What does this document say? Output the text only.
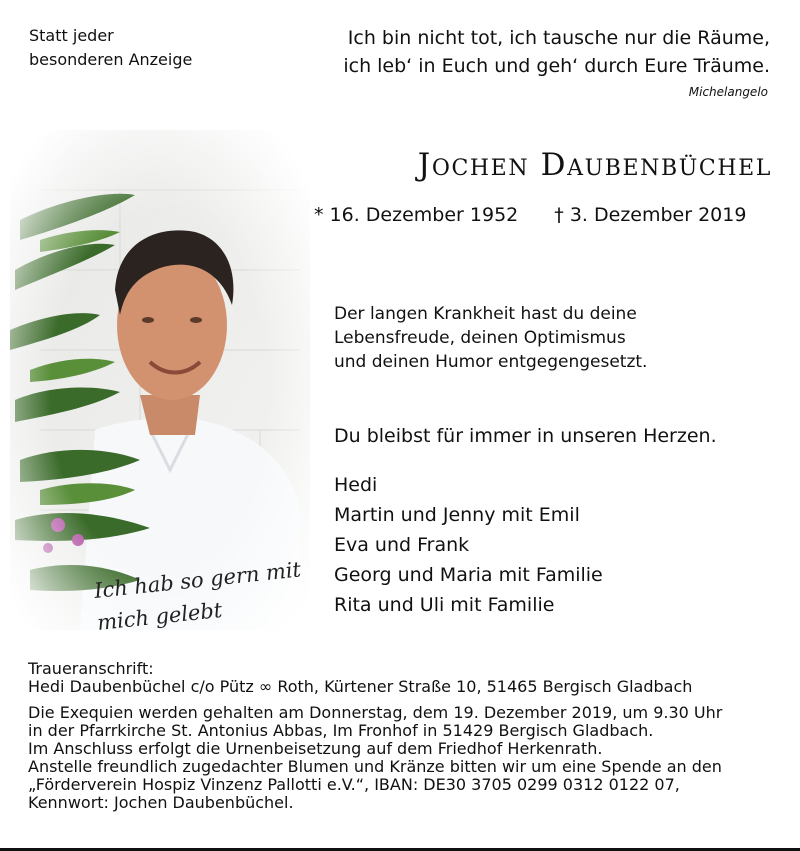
Statt jeder
besonderen Anzeige
Ich bin nicht tot, ich tausche nur die Räume,
ich leb‘ in Euch und geh‘ durch Eure Träume.
Michelangelo
Ich hab so gern mit
mich gelebt
Jochen Daubenbüchel
* 16. Dezember 1952 † 3. Dezember 2019
Der langen Krankheit hast du deine
Lebensfreude, deinen Optimismus
und deinen Humor entgegengesetzt.
Du bleibst für immer in unseren Herzen.
Hedi
Martin und Jenny mit Emil
Eva und Frank
Georg und Maria mit Familie
Rita und Uli mit Familie
Traueranschrift:
Hedi Daubenbüchel c/o Pütz ∞ Roth, Kürtener Straße 10, 51465 Bergisch Gladbach
Die Exequien werden gehalten am Donnerstag, dem 19. Dezember 2019, um 9.30 Uhr
in der Pfarrkirche St. Antonius Abbas, Im Fronhof in 51429 Bergisch Gladbach.
Im Anschluss erfolgt die Urnenbeisetzung auf dem Friedhof Herkenrath.
Anstelle freundlich zugedachter Blumen und Kränze bitten wir um eine Spende an den
„Förderverein Hospiz Vinzenz Pallotti e.V.“, IBAN: DE30 3705 0299 0312 0122 07,
Kennwort: Jochen Daubenbüchel.
